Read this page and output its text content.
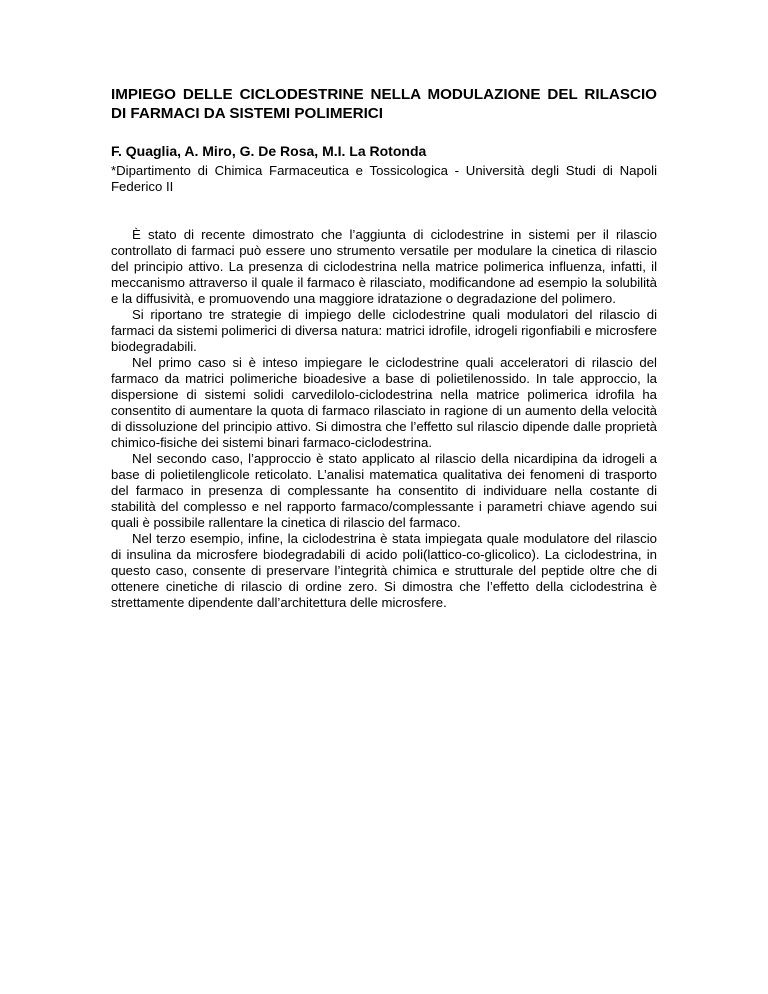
IMPIEGO DELLE CICLODESTRINE NELLA MODULAZIONE DEL RILASCIO DI FARMACI DA SISTEMI POLIMERICI
F. Quaglia, A. Miro, G. De Rosa, M.I. La Rotonda
*Dipartimento di Chimica Farmaceutica e Tossicologica - Università degli Studi di Napoli Federico II

È stato di recente dimostrato che l’aggiunta di ciclodestrine in sistemi per il rilascio controllato di farmaci può essere uno strumento versatile per modulare la cinetica di rilascio del principio attivo. La presenza di ciclodestrina nella matrice polimerica influenza, infatti, il meccanismo attraverso il quale il farmaco è rilasciato, modificandone ad esempio la solubilità e la diffusività, e promuovendo una maggiore idratazione o degradazione del polimero.

Si riportano tre strategie di impiego delle ciclodestrine quali modulatori del rilascio di farmaci da sistemi polimerici di diversa natura: matrici idrofile, idrogeli rigonfiabili e microsfere biodegradabili.

Nel primo caso si è inteso impiegare le ciclodestrine quali acceleratori di rilascio del farmaco da matrici polimeriche bioadesive a base di polietilenossido. In tale approccio, la dispersione di sistemi solidi carvedilolo-ciclodestrina nella matrice polimerica idrofila ha consentito di aumentare la quota di farmaco rilasciato in ragione di un aumento della velocità di dissoluzione del principio attivo. Si dimostra che l’effetto sul rilascio dipende dalle proprietà chimico-fisiche dei sistemi binari farmaco-ciclodestrina.

Nel secondo caso, l’approccio è stato applicato al rilascio della nicardipina da idrogeli a base di polietilenglicole reticolato. L’analisi matematica qualitativa dei fenomeni di trasporto del farmaco in presenza di complessante ha consentito di individuare nella costante di stabilità del complesso e nel rapporto farmaco/complessante i parametri chiave agendo sui quali è possibile rallentare la cinetica di rilascio del farmaco.

Nel terzo esempio, infine, la ciclodestrina è stata impiegata quale modulatore del rilascio di insulina da microsfere biodegradabili di acido poli(lattico-co-glicolico). La ciclodestrina, in questo caso, consente di preservare l’integrità chimica e strutturale del peptide oltre che di ottenere cinetiche di rilascio di ordine zero. Si dimostra che l’effetto della ciclodestrina è strettamente dipendente dall’architettura delle microsfere.
